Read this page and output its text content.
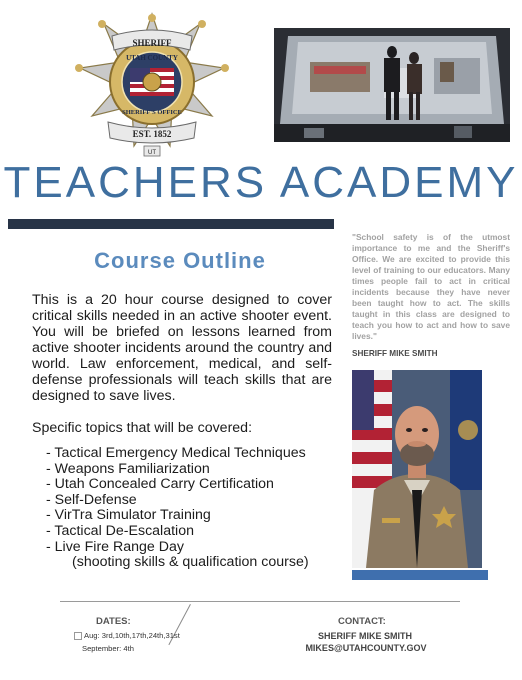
SHERIFF
UTAH COUNTY
SHERIFF'S OFFICE
EST. 1852
UT
TEACHERS ACADEMY
Course Outline
This is a 20 hour course designed to cover critical skills needed in an active shooter event. You will be briefed on lessons learned from active shooter incidents around the country and world. Law enforcement, medical, and self-defense professionals will teach skills that are designed to save lives.
Specific topics that will be covered:
- Tactical Emergency Medical Techniques
- Weapons Familiarization
- Utah Concealed Carry Certification
- Self-Defense
- VirTra Simulator Training
- Tactical De-Escalation
- Live Fire Range Day
(shooting skills & qualification course)
"School safety is of the utmost importance to me and the Sheriff's Office. We are excited to provide this level of training to our educators. Many times people fail to act in critical incidents because they have never been taught how to act. The skills taught in this class are designed to teach you how to act and how to save lives."
SHERIFF MIKE SMITH
DATES:
Aug: 3rd,10th,17th,24th,31st
September: 4th
CONTACT:
SHERIFF MIKE SMITH
MIKES@UTAHCOUNTY.GOV
